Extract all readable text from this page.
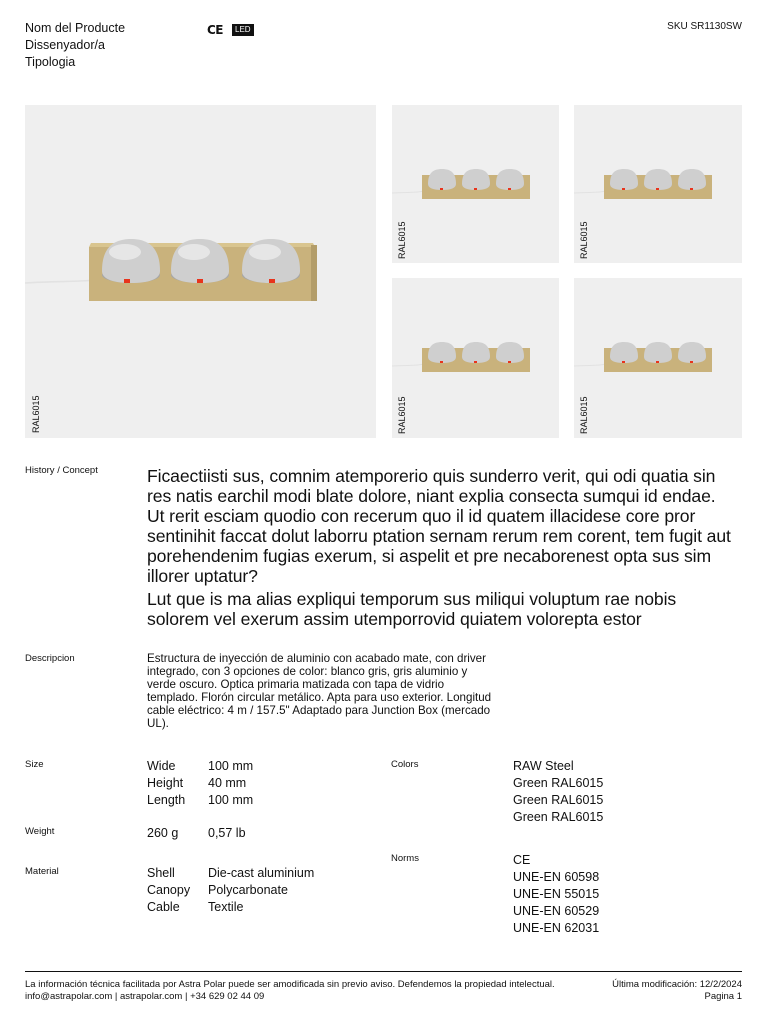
Nom del Producte
Dissenyador/a
Tipologia
CE	LED	SKU SR1130SW
RAL6015
RAL6015	RAL6015
RAL6015	RAL6015
History / Concept	Ficaectiisti sus, comnim atemporerio quis sunderro verit, qui odi quatia sin res natis earchil modi blate dolore, niant explia consecta sumqui id endae. Ut rerit esciam quodio con recerum quo il id quatem illacidese core pror sentinihit faccat dolut laborru ptation sernam rerum rem corent, tem fugit aut porehendenim fugias exerum, si aspelit et pre necaborenest opta sus sim illorer uptatur?

Lut que is ma alias expliqui temporum sus miliqui voluptum rae nobis solorem vel exerum assim utemporrovid quiatem volorepta estor

Descripcion	Estructura de inyección de aluminio con acabado mate, con driver integrado, con 3 opciones de color: blanco gris, gris aluminio y verde oscuro. Optica primaria matizada con tapa de vidrio templado. Florón circular metálico. Apta para uso exterior. Longitud cable eléctrico: 4 m / 157.5" Adaptado para Junction Box (mercado UL).
Size	Wide	100 mm
Height	40 mm
Length	100 mm
Weight	260 g	0,57 lb
Material	Shell	Die-cast aluminium
Canopy	Polycarbonate
Cable	Textile
Colors	RAW Steel
Green RAL6015
Green RAL6015
Green RAL6015
Norms	CE
UNE-EN 60598
UNE-EN 55015
UNE-EN 60529
UNE-EN 62031
La información técnica facilitada por Astra Polar puede ser amodificada sin previo aviso. Defendemos la propiedad intelectual.
info@astrapolar.com | astrapolar.com | +34 629 02 44 09
Última modificación: 12/2/2024
Pagina 1
